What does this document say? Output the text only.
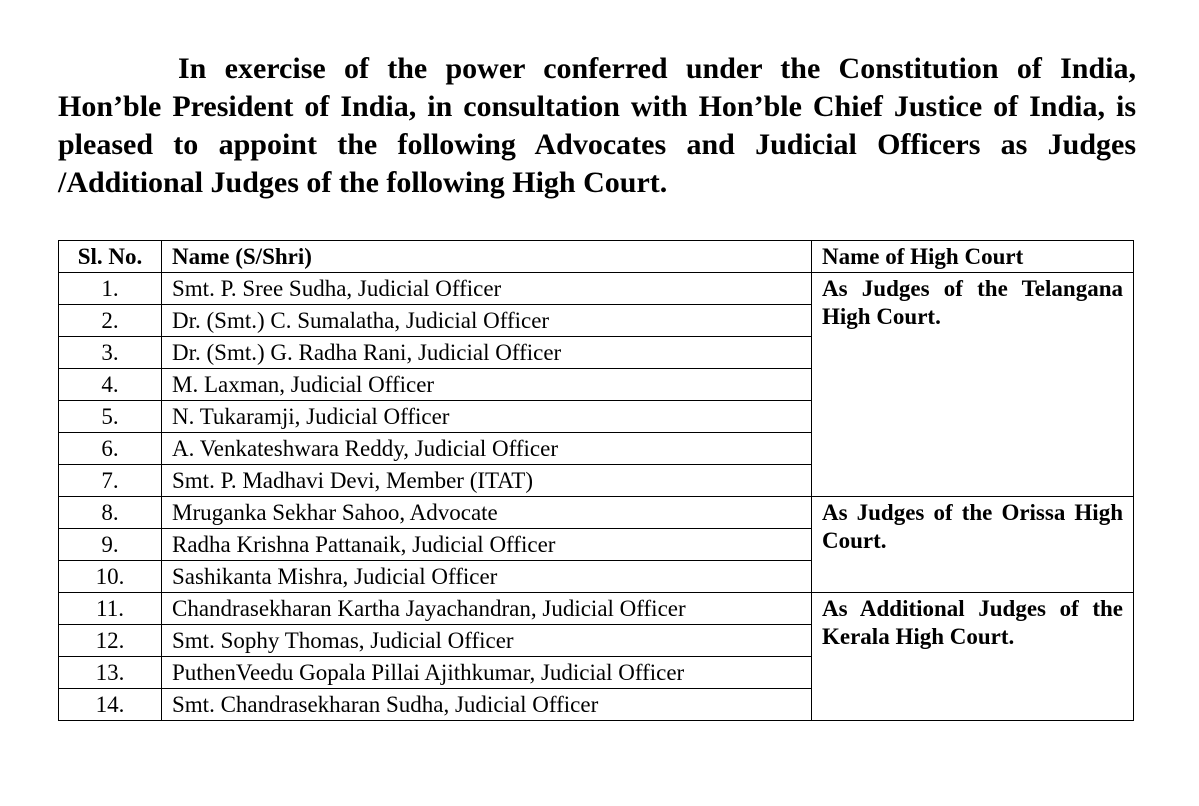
In exercise of the power conferred under the Constitution of India, Hon’ble President of India, in consultation with Hon’ble Chief Justice of India, is pleased to appoint the following Advocates and Judicial Officers as Judges /Additional Judges of the following High Court.

Sl. No.	Name (S/Shri)	Name of High Court
1.	Smt. P. Sree Sudha, Judicial Officer	As Judges of the Telangana High Court.

2.	Dr. (Smt.) C. Sumalatha, Judicial Officer	
3.	Dr. (Smt.) G. Radha Rani, Judicial Officer	
4.	M. Laxman, Judicial Officer	
5.	N. Tukaramji, Judicial Officer	
6.	A. Venkateshwara Reddy, Judicial Officer	
7.	Smt. P. Madhavi Devi, Member (ITAT)	
8.	Mruganka Sekhar Sahoo, Advocate	As Judges of the Orissa High Court.

9.	Radha Krishna Pattanaik, Judicial Officer	
10.	Sashikanta Mishra, Judicial Officer	
11.	Chandrasekharan Kartha Jayachandran, Judicial Officer	As Additional Judges of the Kerala High Court.

12.	Smt. Sophy Thomas, Judicial Officer	
13.	PuthenVeedu Gopala Pillai Ajithkumar, Judicial Officer	
14.	Smt. Chandrasekharan Sudha, Judicial Officer	
